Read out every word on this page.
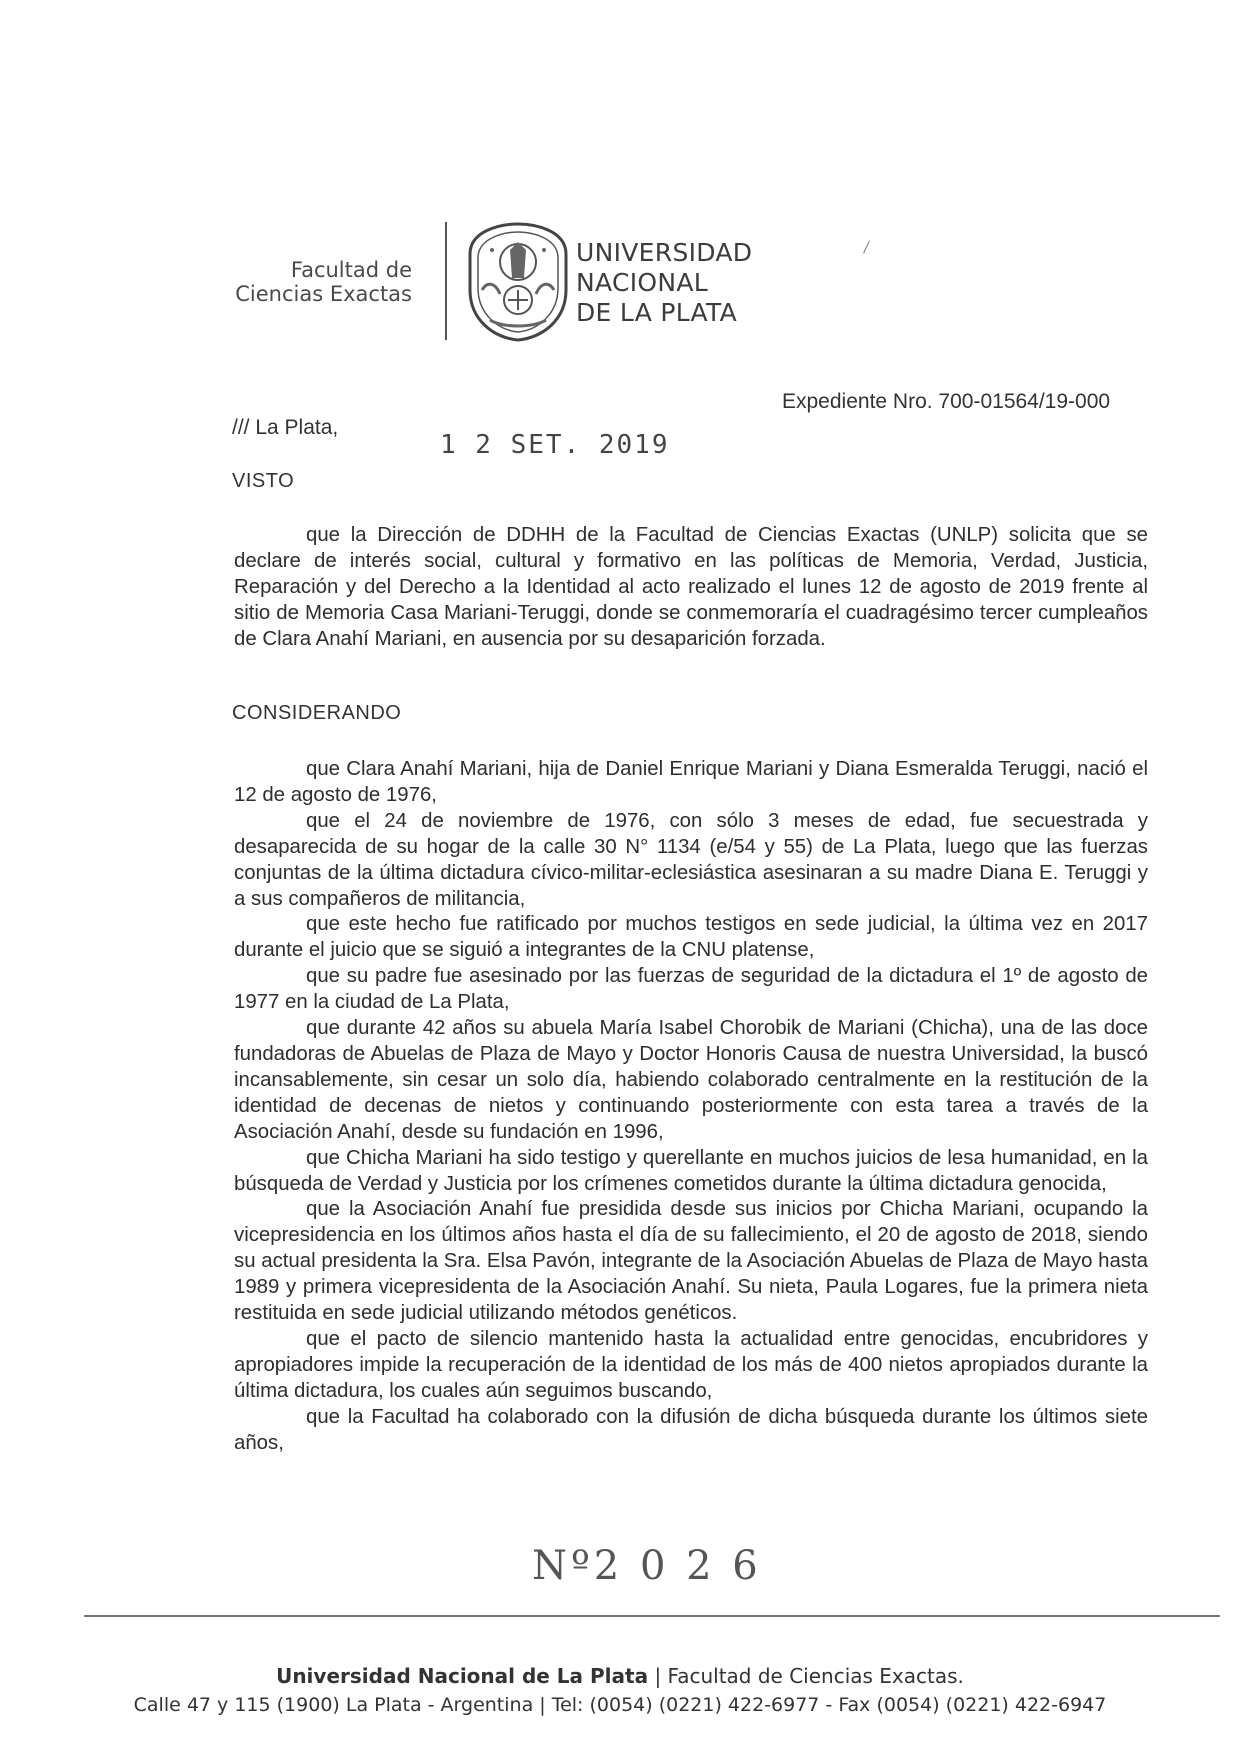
Facultad de
Ciencias Exactas
UNIVERSIDAD
NACIONAL
DE LA PLATA
Expediente Nro. 700-01564/19-000
/// La Plata,
1 2 SET. 2019
VISTO

que la Dirección de DDHH de la Facultad de Ciencias Exactas (UNLP) solicita que se declare de interés social, cultural y formativo en las políticas de Memoria, Verdad, Justicia, Reparación y del Derecho a la Identidad al acto realizado el lunes 12 de agosto de 2019 frente al sitio de Memoria Casa Mariani-Teruggi, donde se conmemoraría el cuadragésimo tercer cumpleaños de Clara Anahí Mariani, en ausencia por su desaparición forzada.

CONSIDERANDO

que Clara Anahí Mariani, hija de Daniel Enrique Mariani y Diana Esmeralda Teruggi, nació el 12 de agosto de 1976,

que el 24 de noviembre de 1976, con sólo 3 meses de edad, fue secuestrada y desaparecida de su hogar de la calle 30 N° 1134 (e/54 y 55) de La Plata, luego que las fuerzas conjuntas de la última dictadura cívico-militar-eclesiástica asesinaran a su madre Diana E. Teruggi y a sus compañeros de militancia,

que este hecho fue ratificado por muchos testigos en sede judicial, la última vez en 2017 durante el juicio que se siguió a integrantes de la CNU platense,

que su padre fue asesinado por las fuerzas de seguridad de la dictadura el 1º de agosto de 1977 en la ciudad de La Plata,

que durante 42 años su abuela María Isabel Chorobik de Mariani (Chicha), una de las doce fundadoras de Abuelas de Plaza de Mayo y Doctor Honoris Causa de nuestra Universidad, la buscó incansablemente, sin cesar un solo día, habiendo colaborado centralmente en la restitución de la identidad de decenas de nietos y continuando posteriormente con esta tarea a través de la Asociación Anahí, desde su fundación en 1996,

que Chicha Mariani ha sido testigo y querellante en muchos juicios de lesa humanidad, en la búsqueda de Verdad y Justicia por los crímenes cometidos durante la última dictadura genocida,

que la Asociación Anahí fue presidida desde sus inicios por Chicha Mariani, ocupando la vicepresidencia en los últimos años hasta el día de su fallecimiento, el 20 de agosto de 2018, siendo su actual presidenta la Sra. Elsa Pavón, integrante de la Asociación Abuelas de Plaza de Mayo hasta 1989 y primera vicepresidenta de la Asociación Anahí. Su nieta, Paula Logares, fue la primera nieta restituida en sede judicial utilizando métodos genéticos.

que el pacto de silencio mantenido hasta la actualidad entre genocidas, encubridores y apropiadores impide la recuperación de la identidad de los más de 400 nietos apropiados durante la última dictadura, los cuales aún seguimos buscando,

que la Facultad ha colaborado con la difusión de dicha búsqueda durante los últimos siete años,

Nº2 0 2 6
Universidad Nacional de La Plata | Facultad de Ciencias Exactas.
Calle 47 y 115 (1900) La Plata - Argentina | Tel: (0054) (0221) 422-6977 - Fax (0054) (0221) 422-6947
